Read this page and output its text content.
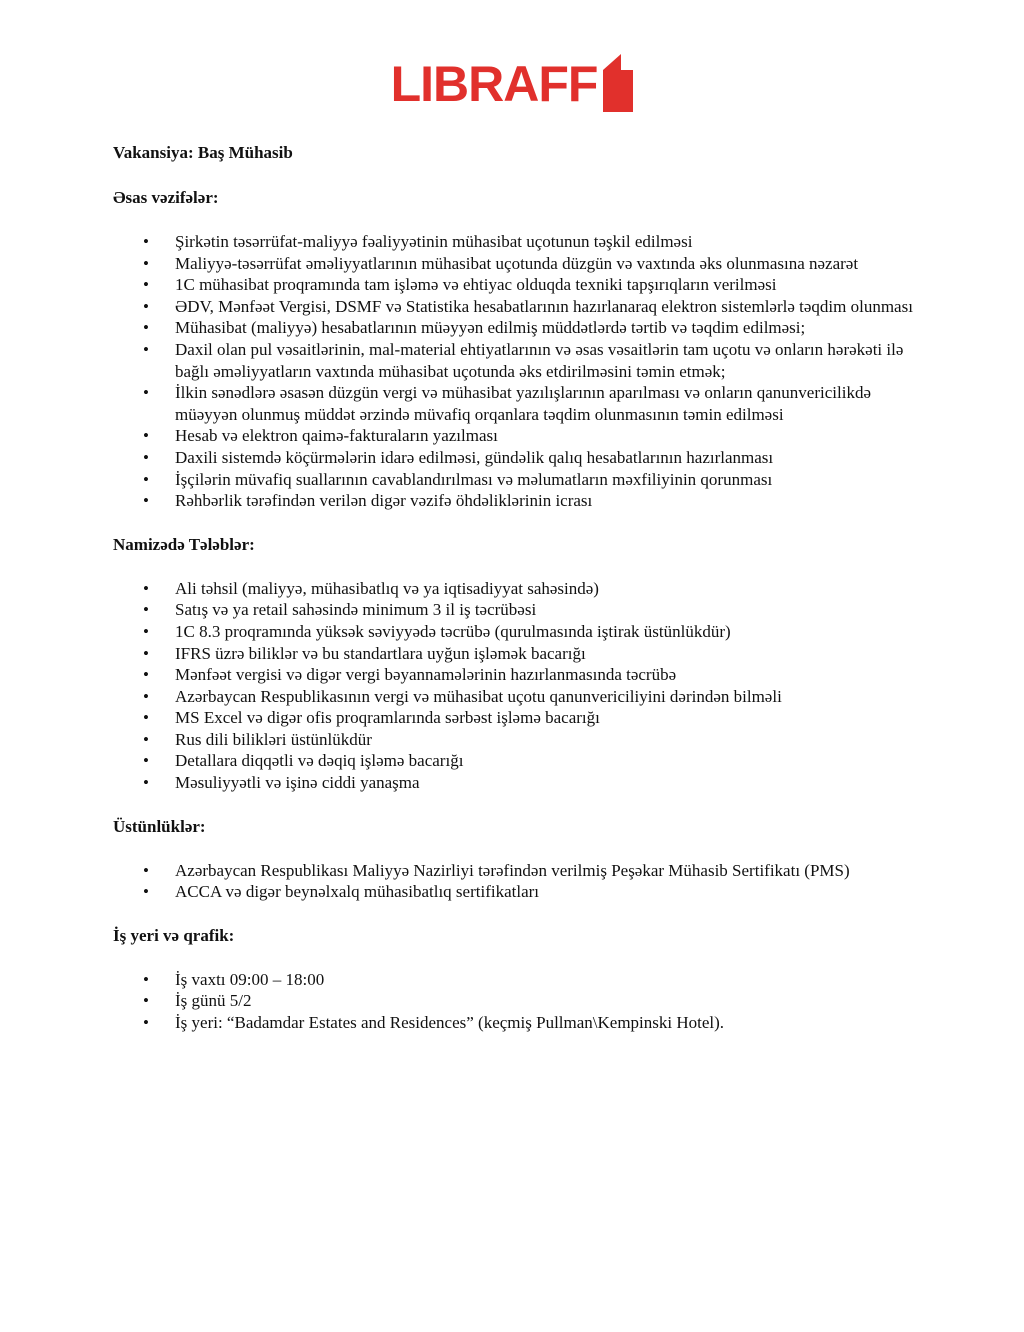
LIBRAFF
Vakansiya: Baş Mühasib
Əsas vəzifələr:
• Şirkətin təsərrüfat-maliyyə fəaliyyətinin mühasibat uçotunun təşkil edilməsi
• Maliyyə-təsərrüfat əməliyyatlarının mühasibat uçotunda düzgün və vaxtında əks olunmasına nəzarət
• 1C mühasibat proqramında tam işləmə və ehtiyac olduqda texniki tapşırıqların verilməsi
• ƏDV, Mənfəət Vergisi, DSMF və Statistika hesabatlarının hazırlanaraq elektron sistemlərlə təqdim olunması
• Mühasibat (maliyyə) hesabatlarının müəyyən edilmiş müddətlərdə tərtib və təqdim edilməsi;
• Daxil olan pul vəsaitlərinin, mal-material ehtiyatlarının və əsas vəsaitlərin tam uçotu və onların hərəkəti ilə bağlı əməliyyatların vaxtında mühasibat uçotunda əks etdirilməsini təmin etmək;
• İlkin sənədlərə əsasən düzgün vergi və mühasibat yazılışlarının aparılması və onların qanunvericilikdə müəyyən olunmuş müddət ərzində müvafiq orqanlara təqdim olunmasının təmin edilməsi
• Hesab və elektron qaimə-fakturaların yazılması
• Daxili sistemdə köçürmələrin idarə edilməsi, gündəlik qalıq hesabatlarının hazırlanması
• İşçilərin müvafiq suallarının cavablandırılması və məlumatların məxfiliyinin qorunması
• Rəhbərlik tərəfindən verilən digər vəzifə öhdəliklərinin icrası
Namizədə Tələblər:
• Ali təhsil (maliyyə, mühasibatlıq və ya iqtisadiyyat sahəsində)
• Satış və ya retail sahəsində minimum 3 il iş təcrübəsi
• 1C 8.3 proqramında yüksək səviyyədə təcrübə (qurulmasında iştirak üstünlükdür)
• IFRS üzrə biliklər və bu standartlara uyğun işləmək bacarığı
• Mənfəət vergisi və digər vergi bəyannamələrinin hazırlanmasında təcrübə
• Azərbaycan Respublikasının vergi və mühasibat uçotu qanunvericiliyini dərindən bilməli
• MS Excel və digər ofis proqramlarında sərbəst işləmə bacarığı
• Rus dili bilikləri üstünlükdür
• Detallara diqqətli və dəqiq işləmə bacarığı
• Məsuliyyətli və işinə ciddi yanaşma
Üstünlüklər:
• Azərbaycan Respublikası Maliyyə Nazirliyi tərəfindən verilmiş Peşəkar Mühasib Sertifikatı (PMS)
• ACCA və digər beynəlxalq mühasibatlıq sertifikatları
İş yeri və qrafik:
• İş vaxtı 09:00 – 18:00
• İş günü 5/2
• İş yeri: “Badamdar Estates and Residences” (keçmiş Pullman\Kempinski Hotel).
